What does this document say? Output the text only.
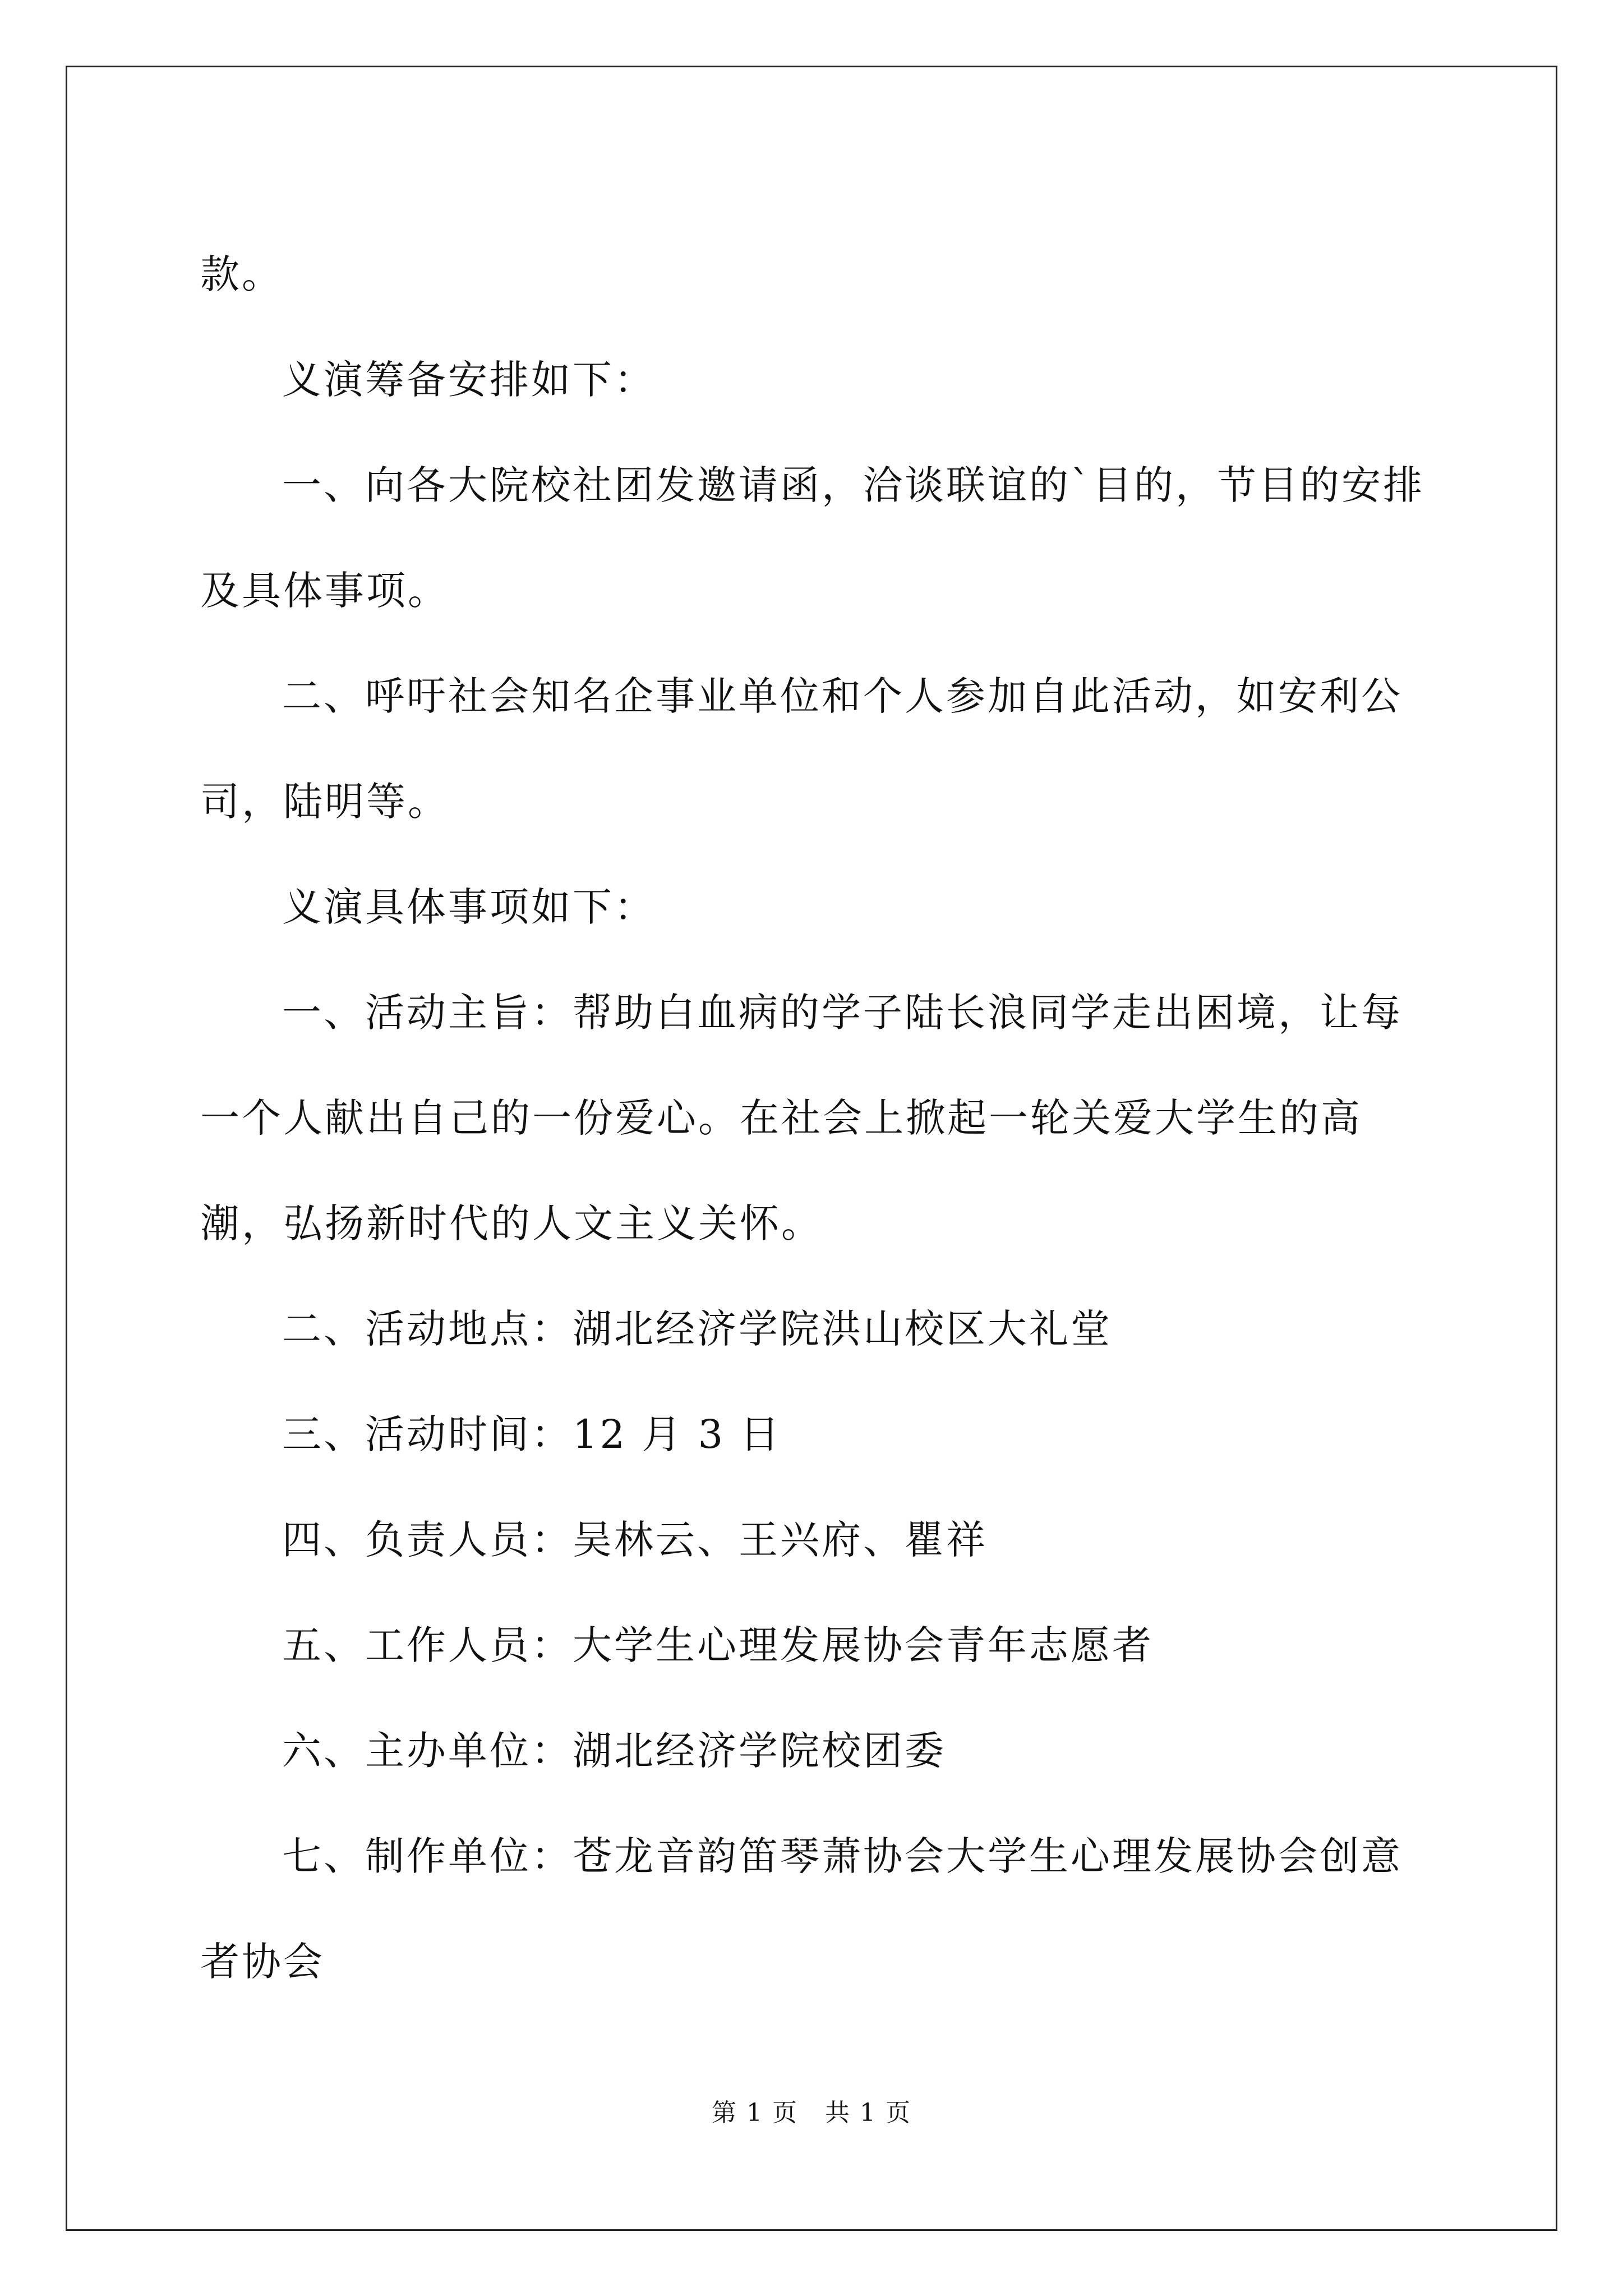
款。

义演筹备安排如下：

一、向各大院校社团发邀请函，洽谈联谊的`目的，节目的安排及具体事项。

二、呼吁社会知名企事业单位和个人参加自此活动，如安利公司，陆明等。

义演具体事项如下：

一、活动主旨：帮助白血病的学子陆长浪同学走出困境，让每一个人献出自己的一份爱心。在社会上掀起一轮关爱大学生的高潮，弘扬新时代的人文主义关怀。

二、活动地点：湖北经济学院洪山校区大礼堂

三、活动时间：12 月 3 日

四、负责人员：吴林云、王兴府、瞿祥

五、工作人员：大学生心理发展协会青年志愿者

六、主办单位：湖北经济学院校团委

七、制作单位：苍龙音韵笛琴萧协会大学生心理发展协会创意者协会

第 1 页 共 1 页
